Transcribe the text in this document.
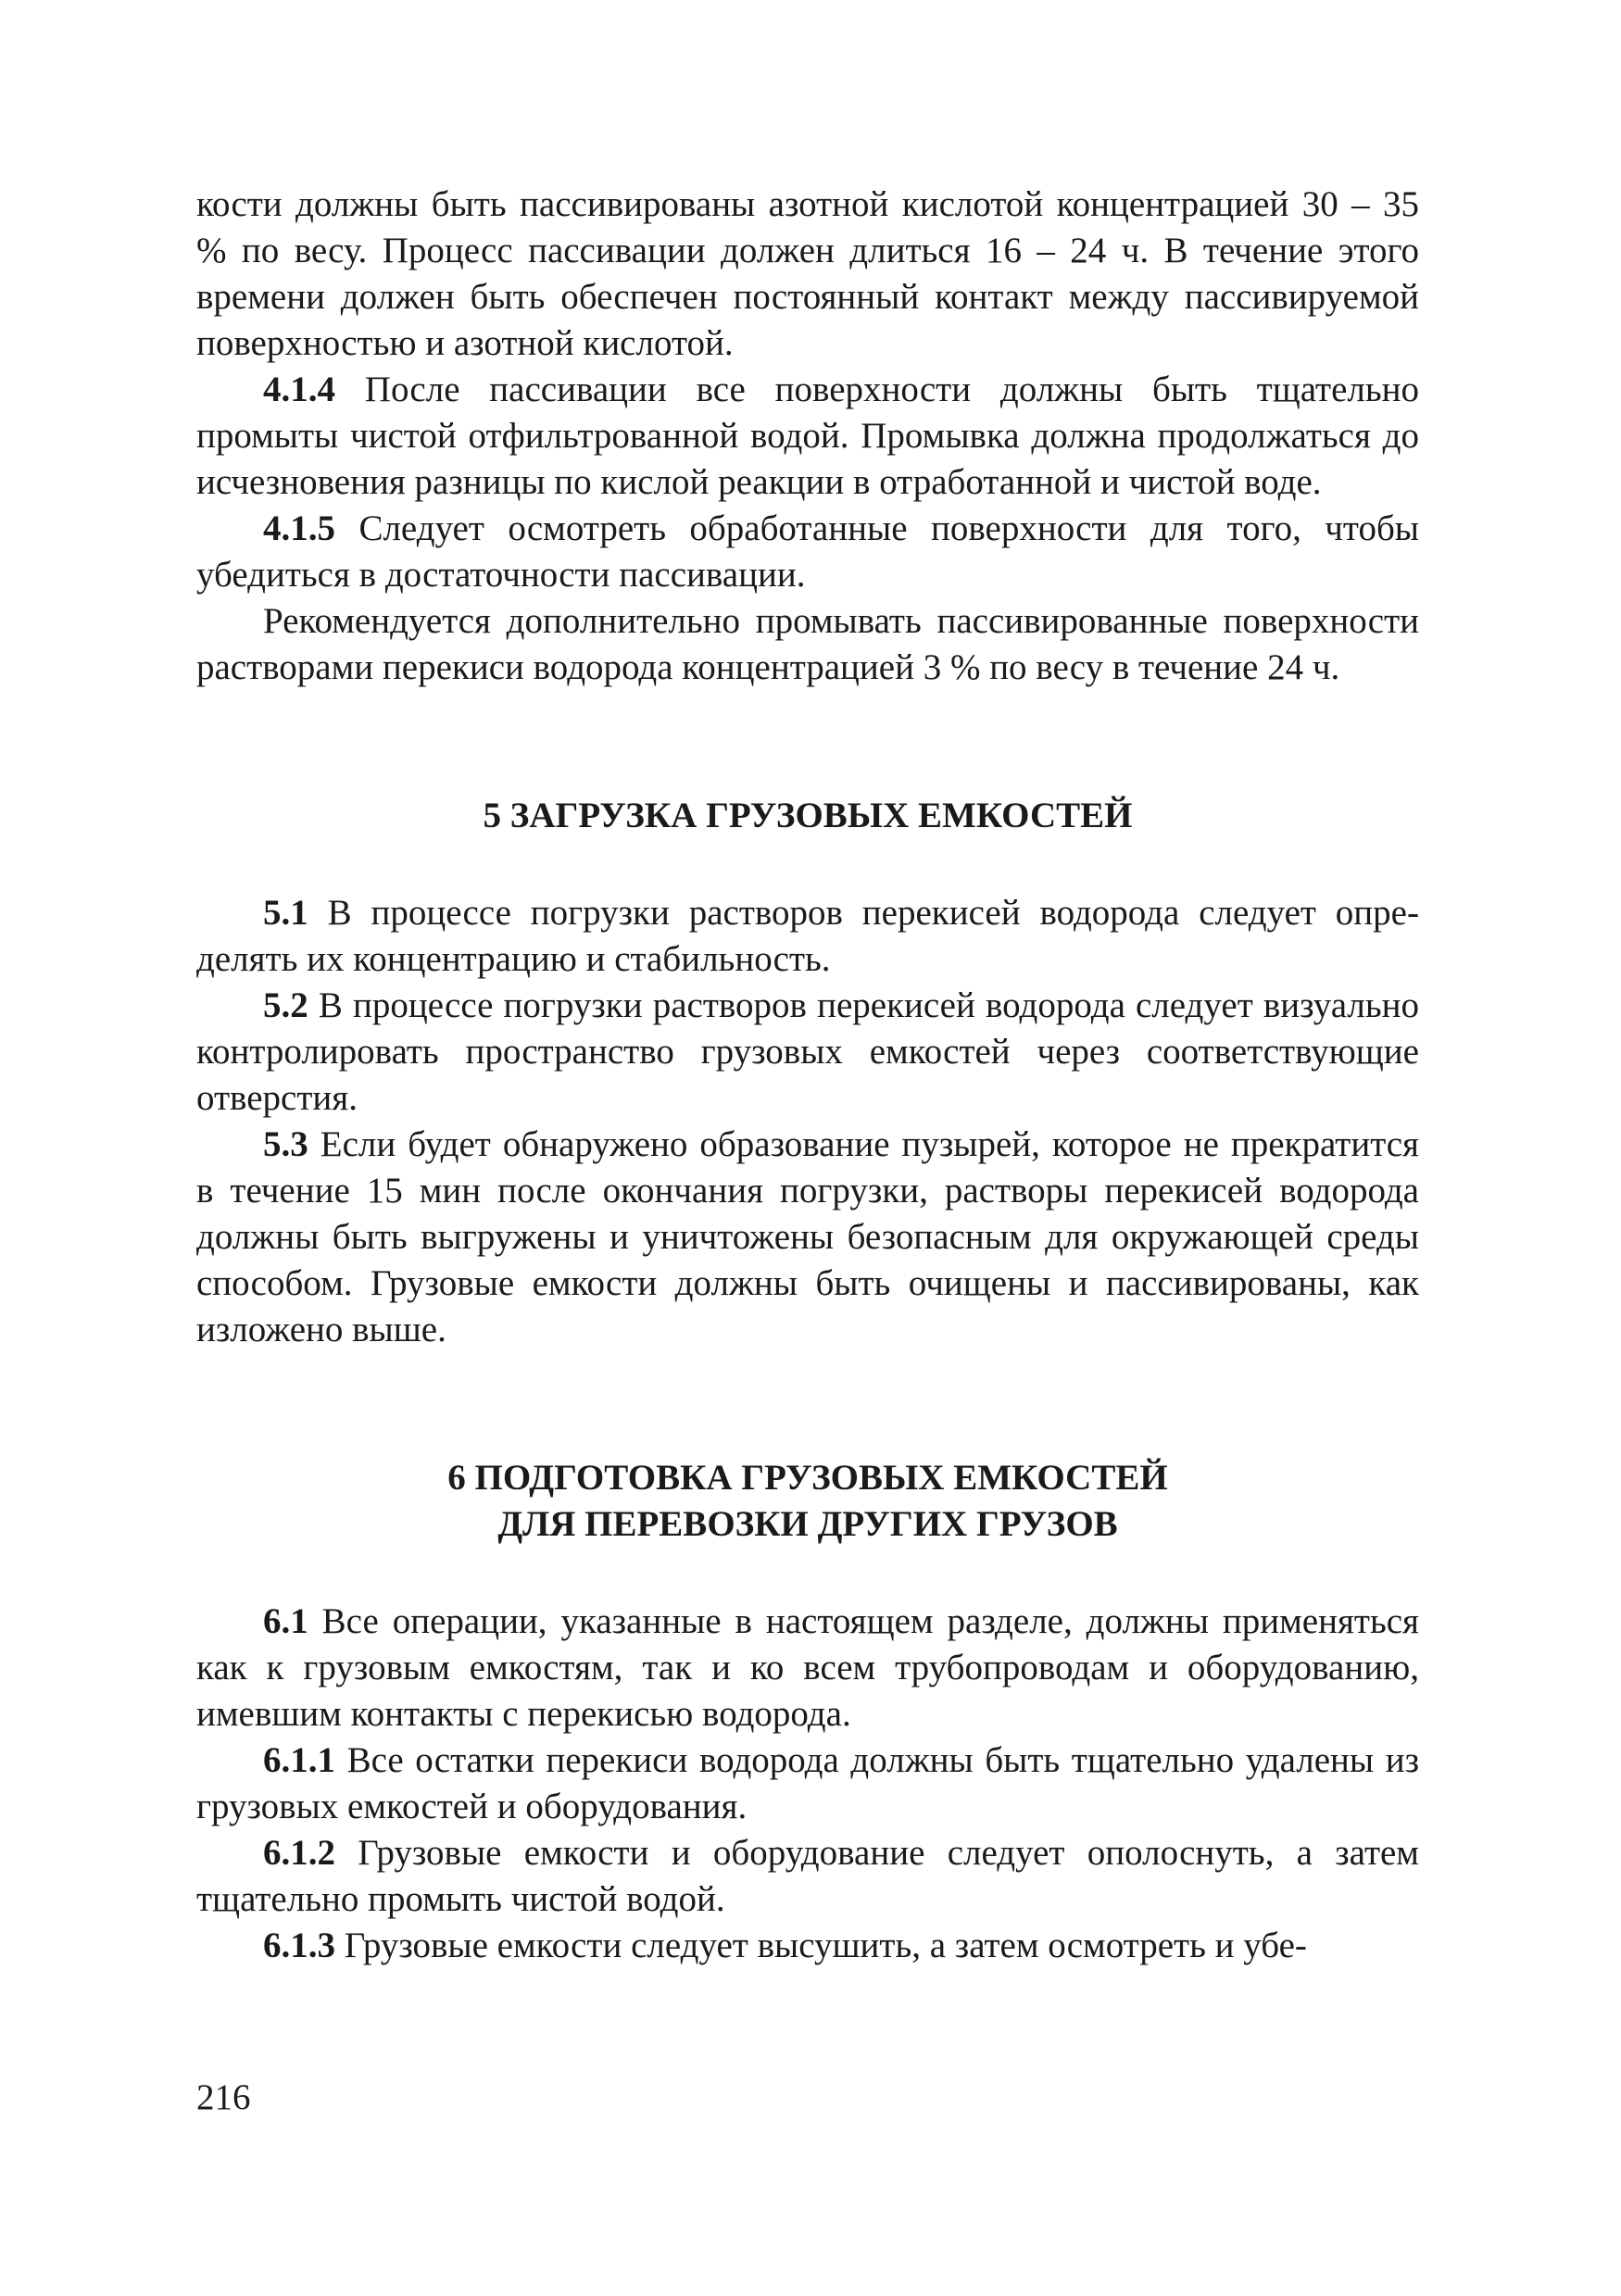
кости должны быть пассивированы азотной кислотой концентрацией 30 – 35 % по весу. Процесс пассивации должен длиться 16 – 24 ч. В течение этого времени должен быть обеспечен постоянный контакт между пассивируемой поверхностью и азотной кислотой.

4.1.4 После пассивации все поверхности должны быть тщательно промыты чистой отфильтрованной водой. Промывка должна продолжаться до исчезновения разницы по кислой реакции в отработанной и чистой воде.

4.1.5 Следует осмотреть обработанные поверхности для того, чтобы убедиться в достаточности пассивации.

Рекомендуется дополнительно промывать пассивированные поверхности растворами перекиси водорода концентрацией 3 % по весу в течение 24 ч.

5 ЗАГРУЗКА ГРУЗОВЫХ ЕМКОСТЕЙ

5.1 В процессе погрузки растворов перекисей водорода следует определять их концентрацию и стабильность.

5.2 В процессе погрузки растворов перекисей водорода следует визуально контролировать пространство грузовых емкостей через соответствующие отверстия.

5.3 Если будет обнаружено образование пузырей, которое не прекратится в течение 15 мин после окончания погрузки, растворы перекисей водорода должны быть выгружены и уничтожены безопасным для окружающей среды способом. Грузовые емкости должны быть очищены и пассивированы, как изложено выше.

6 ПОДГОТОВКА ГРУЗОВЫХ ЕМКОСТЕЙ
ДЛЯ ПЕРЕВОЗКИ ДРУГИХ ГРУЗОВ

6.1 Все операции, указанные в настоящем разделе, должны применяться как к грузовым емкостям, так и ко всем трубопроводам и оборудованию, имевшим контакты с перекисью водорода.

6.1.1 Все остатки перекиси водорода должны быть тщательно удалены из грузовых емкостей и оборудования.

6.1.2 Грузовые емкости и оборудование следует ополоснуть, а затем тщательно промыть чистой водой.

6.1.3 Грузовые емкости следует высушить, а затем осмотреть и убе-

216
